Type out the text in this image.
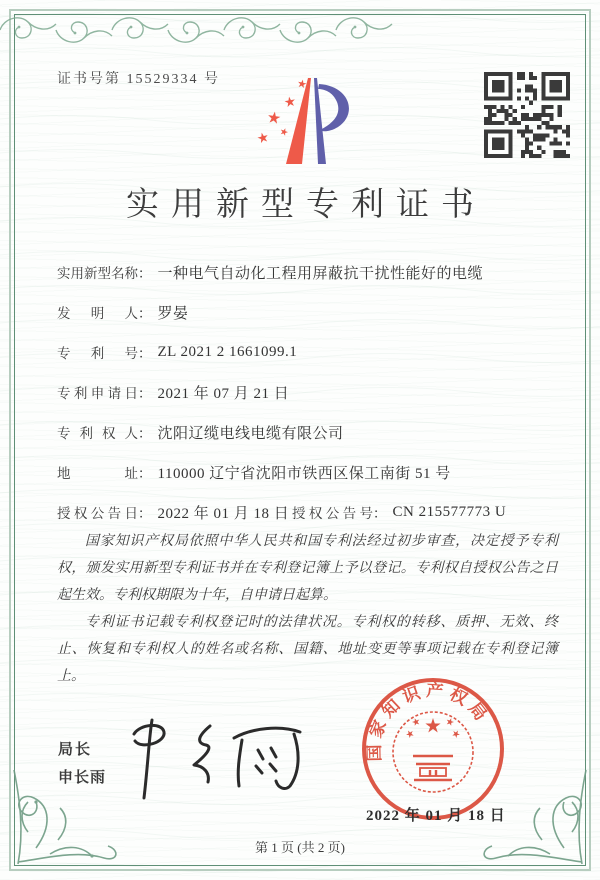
证书号第 15529334 号
实用新型专利证书
实用新型名称 ： 一种电气自动化工程用屏蔽抗干扰性能好的电缆
发明人 ： 罗晏
专利号 ： ZL 2021 2 1661099.1
专利申请日 ： 2021 年 07 月 21 日
专利权人 ： 沈阳辽缆电线电缆有限公司
地址 ： 110000 辽宁省沈阳市铁西区保工南街 51 号
授权公告日 ： 2022 年 01 月 18 日 授权公告号 ： CN 215577773 U

国家知识产权局依照中华人民共和国专利法经过初步审查，决定授予专利权，颁发实用新型专利证书并在专利登记簿上予以登记。专利权自授权公告之日起生效。专利权期限为十年，自申请日起算。

专利证书记载专利权登记时的法律状况。专利权的转移、质押、无效、终止、恢复和专利权人的姓名或名称、国籍、地址变更等事项记载在专利登记簿上。

局长
申长雨
国家知识产权局
2022 年 01 月 18 日
第 1 页 (共 2 页)
